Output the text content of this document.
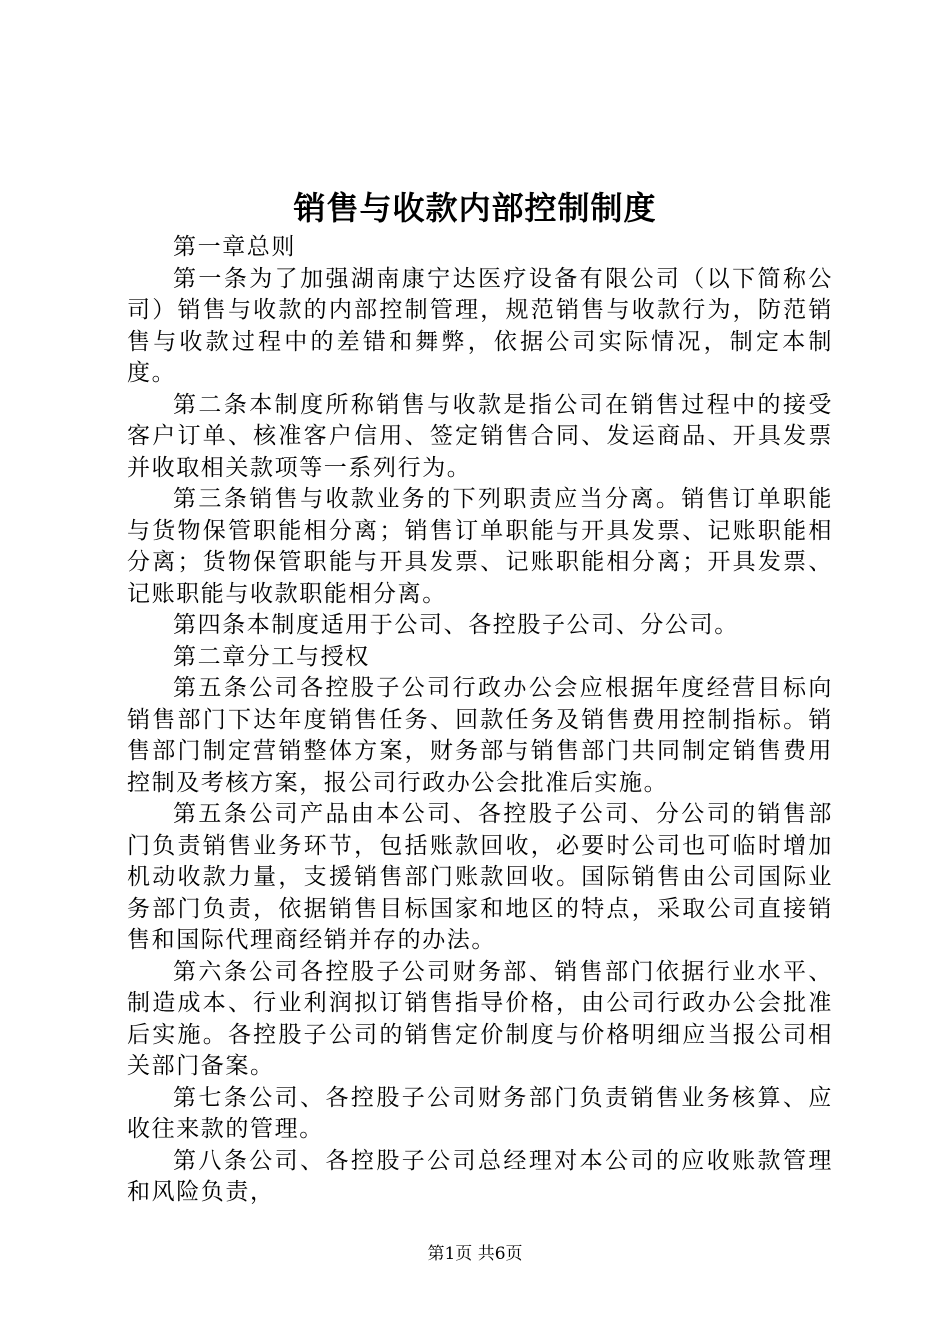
销售与收款内部控制制度

第一章总则

第一条为了加强湖南康宁达医疗设备有限公司（以下简称公司）销售与收款的内部控制管理，规范销售与收款行为，防范销售与收款过程中的差错和舞弊，依据公司实际情况，制定本制度。

第二条本制度所称销售与收款是指公司在销售过程中的接受客户订单、核准客户信用、签定销售合同、发运商品、开具发票并收取相关款项等一系列行为。

第三条销售与收款业务的下列职责应当分离。销售订单职能与货物保管职能相分离；销售订单职能与开具发票、记账职能相分离；货物保管职能与开具发票、记账职能相分离；开具发票、记账职能与收款职能相分离。

第四条本制度适用于公司、各控股子公司、分公司。

第二章分工与授权

第五条公司各控股子公司行政办公会应根据年度经营目标向销售部门下达年度销售任务、回款任务及销售费用控制指标。销售部门制定营销整体方案，财务部与销售部门共同制定销售费用控制及考核方案，报公司行政办公会批准后实施。

第五条公司产品由本公司、各控股子公司、分公司的销售部门负责销售业务环节，包括账款回收，必要时公司也可临时增加机动收款力量，支援销售部门账款回收。国际销售由公司国际业务部门负责，依据销售目标国家和地区的特点，采取公司直接销售和国际代理商经销并存的办法。

第六条公司各控股子公司财务部、销售部门依据行业水平、制造成本、行业利润拟订销售指导价格，由公司行政办公会批准后实施。各控股子公司的销售定价制度与价格明细应当报公司相关部门备案。

第七条公司、各控股子公司财务部门负责销售业务核算、应收往来款的管理。

第八条公司、各控股子公司总经理对本公司的应收账款管理和风险负责，

第1页 共6页
